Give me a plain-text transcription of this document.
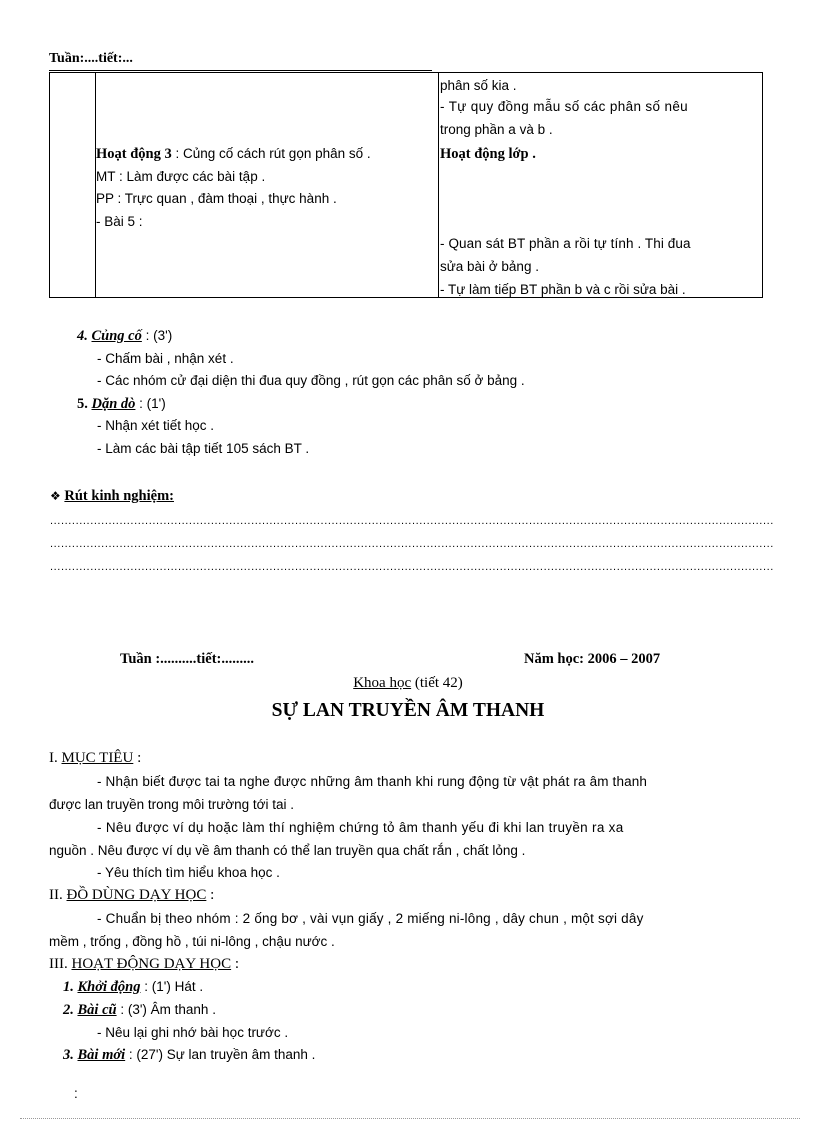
Tuần:....tiết:...
phân số kia .
- Tự quy đồng mẫu số các phân số nêu
trong phần a và b .
Hoạt động lớp .
- Quan sát BT phần a rồi tự tính . Thi đua
sửa bài ở bảng .
- Tự làm tiếp BT phần b và c rồi sửa bài .
Hoạt động 3 : Củng cố cách rút gọn phân số .
MT : Làm được các bài tập .
PP : Trực quan , đàm thoại , thực hành .
- Bài 5 :
4. Củng cố : (3')
- Chấm bài , nhận xét .
- Các nhóm cử đại diện thi đua quy đồng , rút gọn các phân số ở bảng .
5. Dặn dò : (1')
- Nhận xét tiết học .
- Làm các bài tập tiết 105 sách BT .
❖ Rút kinh nghiệm:
......................................................................................................................................................................................................
......................................................................................................................................................................................................
......................................................................................................................................................................................................
Tuần :..........tiết:.........	Năm học: 2006 – 2007
Khoa học (tiết 42)
SỰ LAN TRUYỀN ÂM THANH
I. MỤC TIÊU :
- Nhận biết được tai ta nghe được những âm thanh khi rung động từ vật phát ra âm thanh
được lan truyền trong môi trường tới tai .
- Nêu được ví dụ hoặc làm thí nghiệm chứng tỏ âm thanh yếu đi khi lan truyền ra xa
nguồn . Nêu được ví dụ về âm thanh có thể lan truyền qua chất rắn , chất lỏng .
- Yêu thích tìm hiểu khoa học .
II. ĐỒ DÙNG DẠY HỌC :
- Chuẩn bị theo nhóm : 2 ống bơ , vài vụn giấy , 2 miếng ni-lông , dây chun , một sợi dây
mềm , trống , đồng hồ , túi ni-lông , chậu nước .
III. HOẠT ĐỘNG DẠY HỌC :
1. Khởi động : (1') Hát .
2. Bài cũ : (3') Âm thanh .
- Nêu lại ghi nhớ bài học trước .
3. Bài mới : (27') Sự lan truyền âm thanh .
:
